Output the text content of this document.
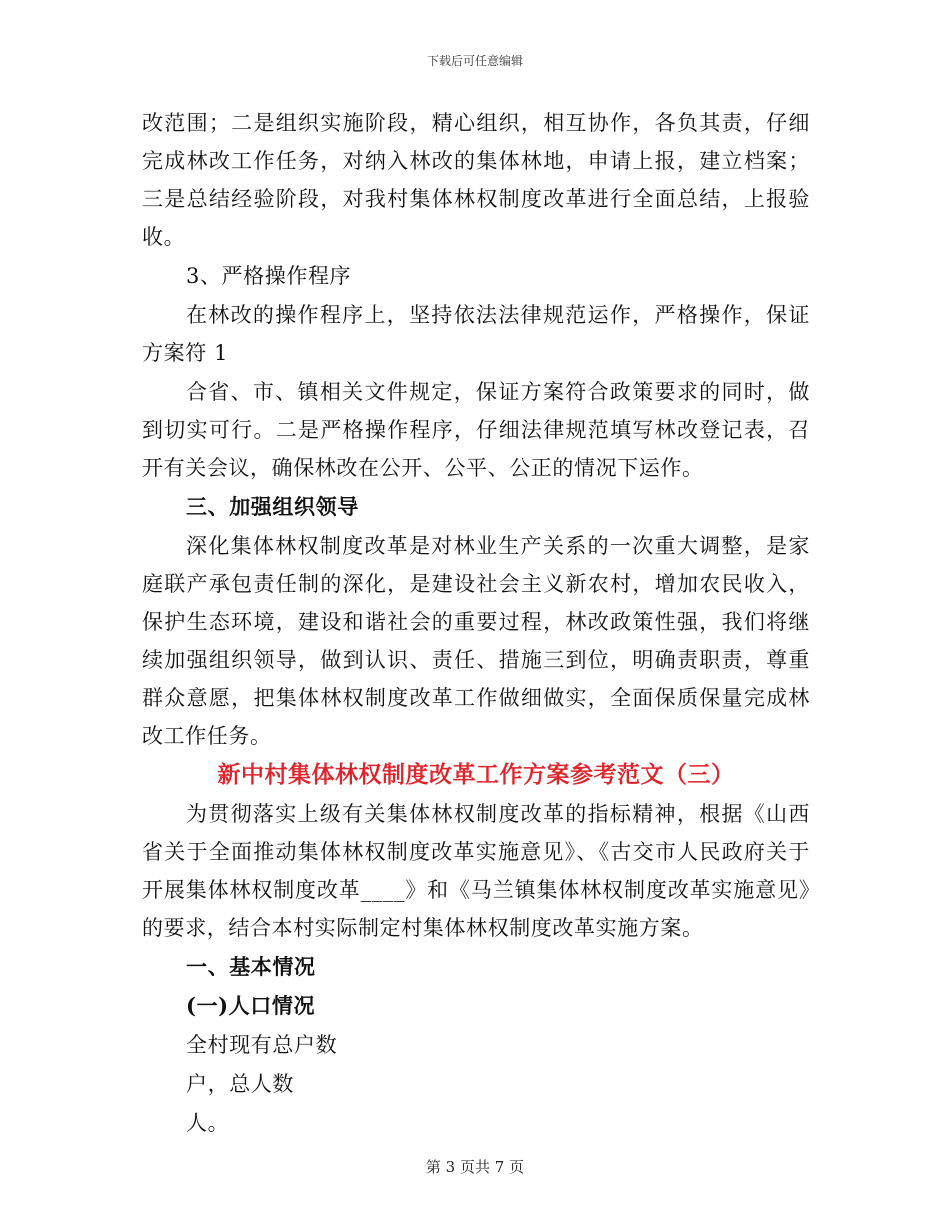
下载后可任意编辑

改范围；二是组织实施阶段，精心组织，相互协作，各负其责，仔细完成林改工作任务，对纳入林改的集体林地，申请上报，建立档案；三是总结经验阶段，对我村集体林权制度改革进行全面总结，上报验收。

3、严格操作程序

在林改的操作程序上，坚持依法法律规范运作，严格操作，保证方案符 1

合省、市、镇相关文件规定，保证方案符合政策要求的同时，做到切实可行。二是严格操作程序，仔细法律规范填写林改登记表，召开有关会议，确保林改在公开、公平、公正的情况下运作。

三、加强组织领导

深化集体林权制度改革是对林业生产关系的一次重大调整，是家庭联产承包责任制的深化，是建设社会主义新农村，增加农民收入，保护生态环境，建设和谐社会的重要过程，林改政策性强，我们将继续加强组织领导，做到认识、责任、措施三到位，明确责职责，尊重群众意愿，把集体林权制度改革工作做细做实，全面保质保量完成林改工作任务。

新中村集体林权制度改革工作方案参考范文（三）

为贯彻落实上级有关集体林权制度改革的指标精神，根据《山西省关于全面推动集体林权制度改革实施意见》、《古交市人民政府关于开展集体林权制度改革____》和《马兰镇集体林权制度改革实施意见》的要求，结合本村实际制定村集体林权制度改革实施方案。

一、基本情况

(一)人口情况

全村现有总户数

户，总人数

人。

第 3 页共 7 页
